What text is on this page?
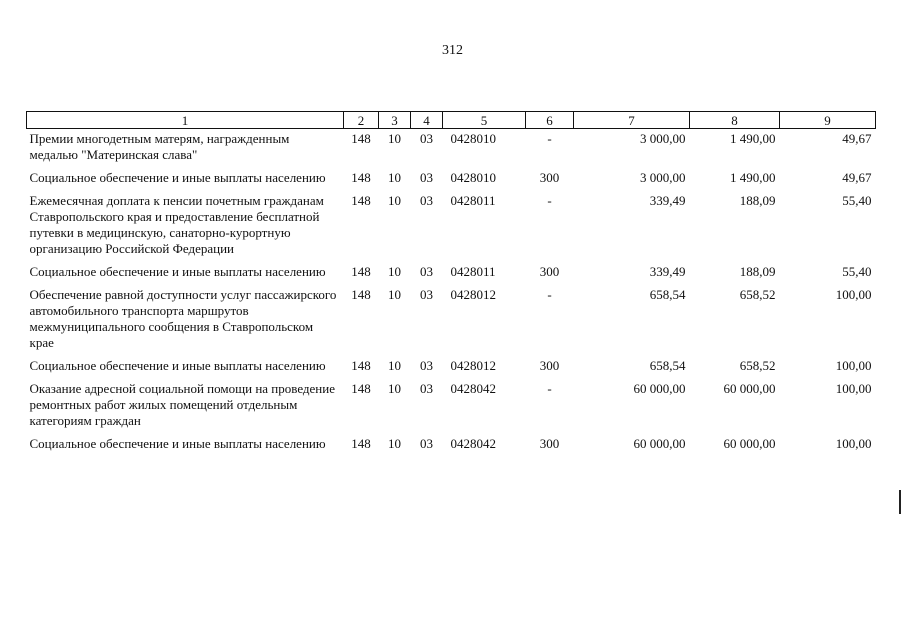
312
1	2	3	4	5	6	7	8	9
Премии многодетным матерям, награжденным медалью "Материнская слава"	148	10	03	0428010	-	3 000,00	1 490,00	49,67
Социальное обеспечение и иные выплаты населению	148	10	03	0428010	300	3 000,00	1 490,00	49,67
Ежемесячная доплата к пенсии почетным гражданам Ставропольского края и предоставление бесплатной путевки в медицинскую, санаторно-курортную организацию Российской Федерации	148	10	03	0428011	-	339,49	188,09	55,40
Социальное обеспечение и иные выплаты населению	148	10	03	0428011	300	339,49	188,09	55,40
Обеспечение равной доступности услуг пассажирского автомобильного транспорта маршрутов межмуниципального сообщения в Ставропольском крае	148	10	03	0428012	-	658,54	658,52	100,00
Социальное обеспечение и иные выплаты населению	148	10	03	0428012	300	658,54	658,52	100,00
Оказание адресной социальной помощи на проведение ремонтных работ жилых помещений отдельным категориям граждан	148	10	03	0428042	-	60 000,00	60 000,00	100,00
Социальное обеспечение и иные выплаты населению	148	10	03	0428042	300	60 000,00	60 000,00	100,00
